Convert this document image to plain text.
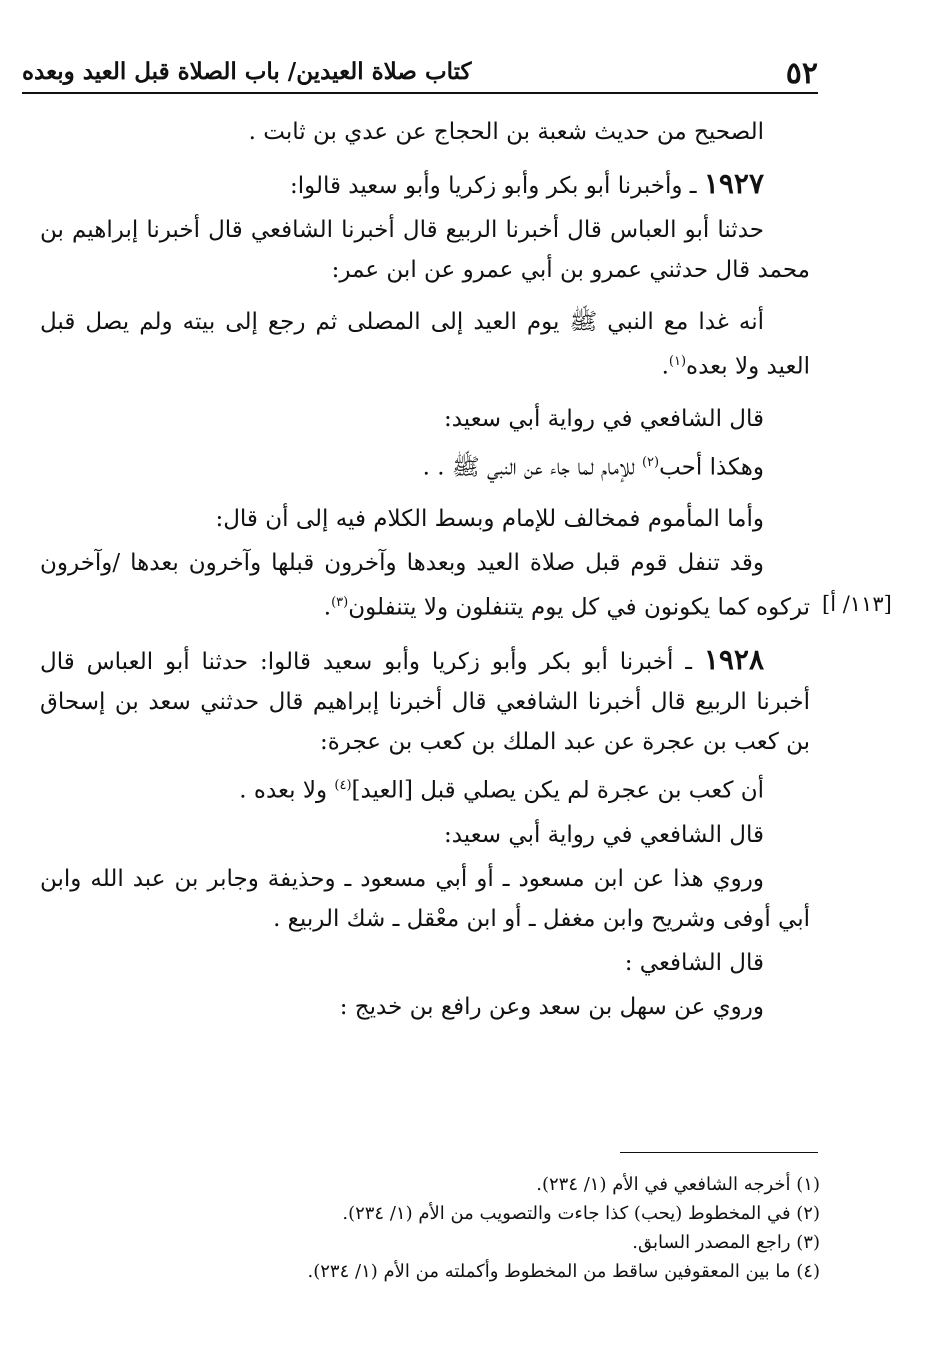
٥٢
كتاب صلاة العيدين/ باب الصلاة قبل العيد وبعده
[١١٣/ أ]

الصحيح من حديث شعبة بن الحجاج عن عدي بن ثابت .

١٩٢٧ ـ وأخبرنا أبو بكر وأبو زكريا وأبو سعيد قالوا:

حدثنا أبو العباس قال أخبرنا الربيع قال أخبرنا الشافعي قال أخبرنا إبراهيم بن محمد قال حدثني عمرو بن أبي عمرو عن ابن عمر:

أنه غدا مع النبي ﷺ يوم العيد إلى المصلى ثم رجع إلى بيته ولم يصل قبل العيد ولا بعده$^{(١)}$.

قال الشافعي في رواية أبي سعيد:

وهكذا أحب$^{(٢)}$ للإمام لما جاء عن النبي ﷺ . .

وأما المأموم فمخالف للإمام وبسط الكلام فيه إلى أن قال:

وقد تنفل قوم قبل صلاة العيد وبعدها وآخرون قبلها وآخرون بعدها /وآخرون تركوه كما يكونون في كل يوم يتنفلون ولا يتنفلون$^{(٣)}$.

١٩٢٨ ـ أخبرنا أبو بكر وأبو زكريا وأبو سعيد قالوا: حدثنا أبو العباس قال أخبرنا الربيع قال أخبرنا الشافعي قال أخبرنا إبراهيم قال حدثني سعد بن إسحاق بن كعب بن عجرة عن عبد الملك بن كعب بن عجرة:

أن كعب بن عجرة لم يكن يصلي قبل [العيد]$^{(٤)}$ ولا بعده .

قال الشافعي في رواية أبي سعيد:

وروي هذا عن ابن مسعود ـ أو أبي مسعود ـ وحذيفة وجابر بن عبد الله وابن أبي أوفى وشريح وابن مغفل ـ أو ابن معْقل ـ شك الربيع .

قال الشافعي :

وروي عن سهل بن سعد وعن رافع بن خديج :

(١) أخرجه الشافعي في الأم (١/ ٢٣٤).
(٢) في المخطوط (يحب) كذا جاءت والتصويب من الأم (١/ ٢٣٤).
(٣) راجع المصدر السابق.
(٤) ما بين المعقوفين ساقط من المخطوط وأكملته من الأم (١/ ٢٣٤).
